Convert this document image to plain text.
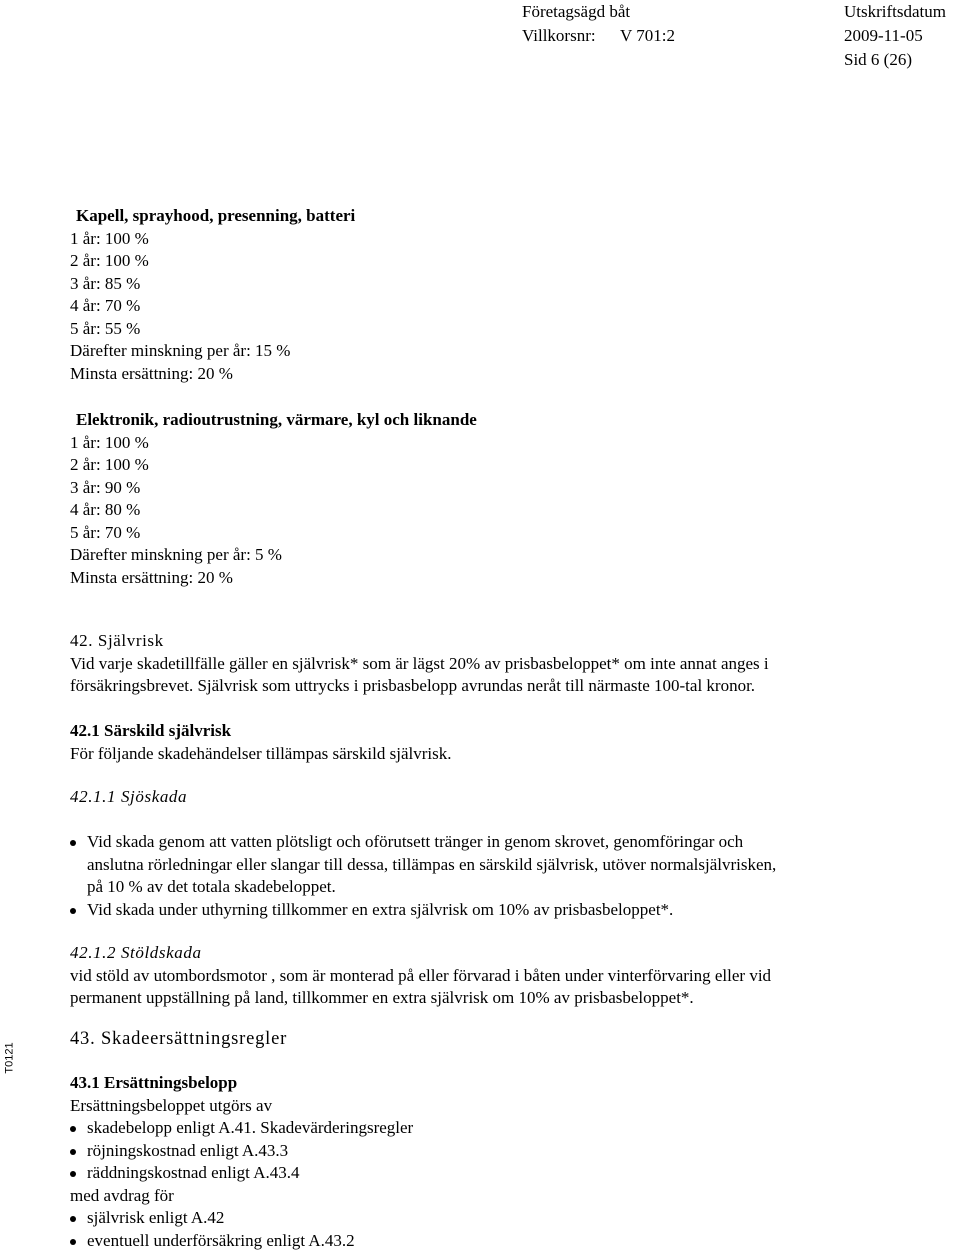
Företagsägd båt
Villkorsnr: V 701:2
Utskriftsdatum
2009-11-05
Sid 6 (26)
Kapell, sprayhood, presenning, batteri
1 år: 100 %
2 år: 100 %
3 år: 85 %
4 år: 70 %
5 år: 55 %
Därefter minskning per år: 15 %
Minsta ersättning: 20 %
Elektronik, radioutrustning, värmare, kyl och liknande
1 år: 100 %
2 år: 100 %
3 år: 90 %
4 år: 80 %
5 år: 70 %
Därefter minskning per år: 5 %
Minsta ersättning: 20 %
42. Självrisk
Vid varje skadetillfälle gäller en självrisk* som är lägst 20% av prisbasbeloppet* om inte annat anges i
försäkringsbrevet. Självrisk som uttrycks i prisbasbelopp avrundas neråt till närmaste 100-tal kronor.
42.1 Särskild självrisk
För följande skadehändelser tillämpas särskild självrisk.
42.1.1 Sjöskada
Vid skada genom att vatten plötsligt och oförutsett tränger in genom skrovet, genomföringar och
anslutna rörledningar eller slangar till dessa, tillämpas en särskild självrisk, utöver normalsjälvrisken,
på 10 % av det totala skadebeloppet.
Vid skada under uthyrning tillkommer en extra självrisk om 10% av prisbasbeloppet*.
42.1.2 Stöldskada
vid stöld av utombordsmotor , som är monterad på eller förvarad i båten under vinterförvaring eller vid
permanent uppställning på land, tillkommer en extra självrisk om 10% av prisbasbeloppet*.
43. Skadeersättningsregler
43.1 Ersättningsbelopp
Ersättningsbeloppet utgörs av
skadebelopp enligt A.41. Skadevärderingsregler
röjningskostnad enligt A.43.3
räddningskostnad enligt A.43.4
med avdrag för
självrisk enligt A.42
eventuell underförsäkring enligt A.43.2
T0121
